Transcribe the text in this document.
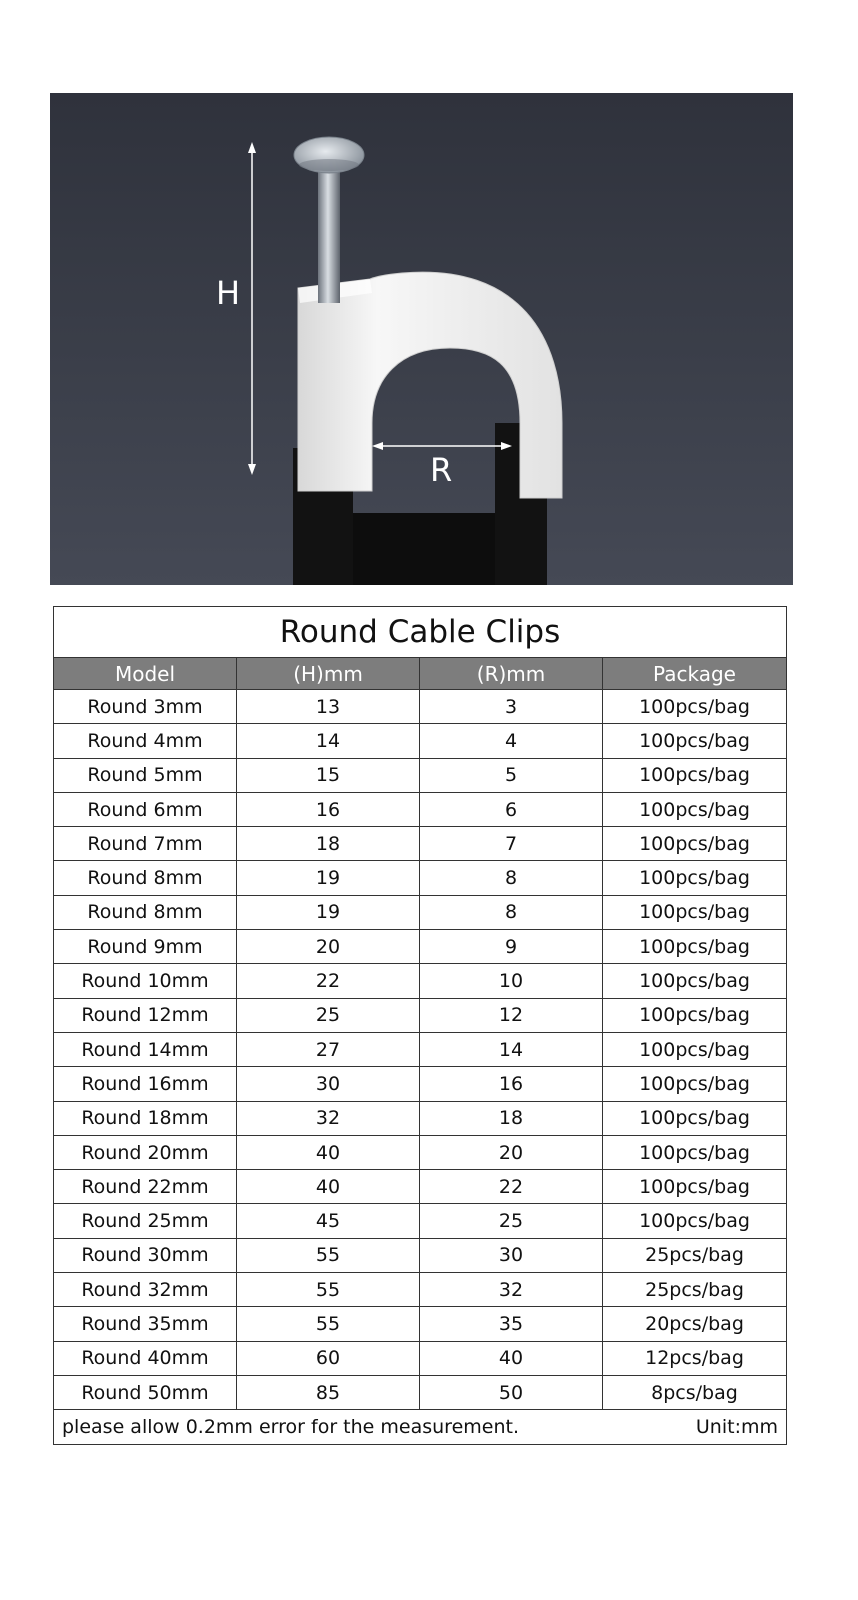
H
R
Round Cable Clips			
Model	(H)mm	(R)mm	Package
Round 3mm	13	3	100pcs/bag
Round 4mm	14	4	100pcs/bag
Round 5mm	15	5	100pcs/bag
Round 6mm	16	6	100pcs/bag
Round 7mm	18	7	100pcs/bag
Round 8mm	19	8	100pcs/bag
Round 8mm	19	8	100pcs/bag
Round 9mm	20	9	100pcs/bag
Round 10mm	22	10	100pcs/bag
Round 12mm	25	12	100pcs/bag
Round 14mm	27	14	100pcs/bag
Round 16mm	30	16	100pcs/bag
Round 18mm	32	18	100pcs/bag
Round 20mm	40	20	100pcs/bag
Round 22mm	40	22	100pcs/bag
Round 25mm	45	25	100pcs/bag
Round 30mm	55	30	25pcs/bag
Round 32mm	55	32	25pcs/bag
Round 35mm	55	35	20pcs/bag
Round 40mm	60	40	12pcs/bag
Round 50mm	85	50	8pcs/bag

please allow 0.2mm error for the measurement. Unit:mm			
